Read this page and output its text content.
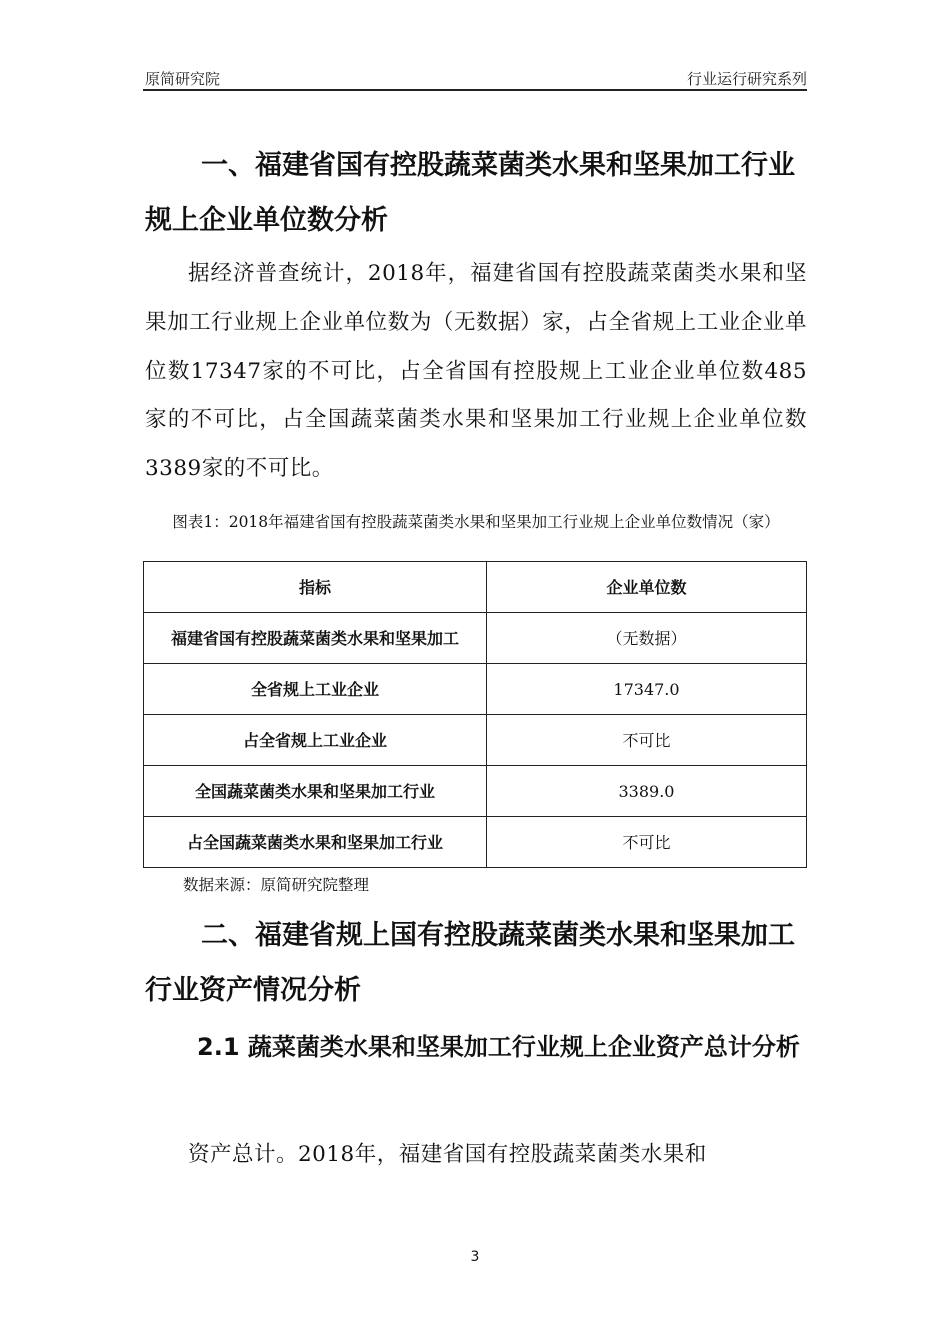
原简研究院	行业运行研究系列
一、福建省国有控股蔬菜菌类水果和坚果加工行业规上企业单位数分析
据经济普查统计，2018年，福建省国有控股蔬菜菌类水果和坚果加工行业规上企业单位数为（无数据）家，占全省规上工业企业单位数17347家的不可比，占全省国有控股规上工业企业单位数485家的不可比，占全国蔬菜菌类水果和坚果加工行业规上企业单位数3389家的不可比。
图表1：2018年福建省国有控股蔬菜菌类水果和坚果加工行业规上企业单位数情况（家）
指标	企业单位数
福建省国有控股蔬菜菌类水果和坚果加工	（无数据）
全省规上工业企业	17347.0
占全省规上工业企业	不可比
全国蔬菜菌类水果和坚果加工行业	3389.0
占全国蔬菜菌类水果和坚果加工行业	不可比
数据来源：原简研究院整理
二、福建省规上国有控股蔬菜菌类水果和坚果加工行业资产情况分析
2.1 蔬菜菌类水果和坚果加工行业规上企业资产总计分析
资产总计。2018年，福建省国有控股蔬菜菌类水果和
3
